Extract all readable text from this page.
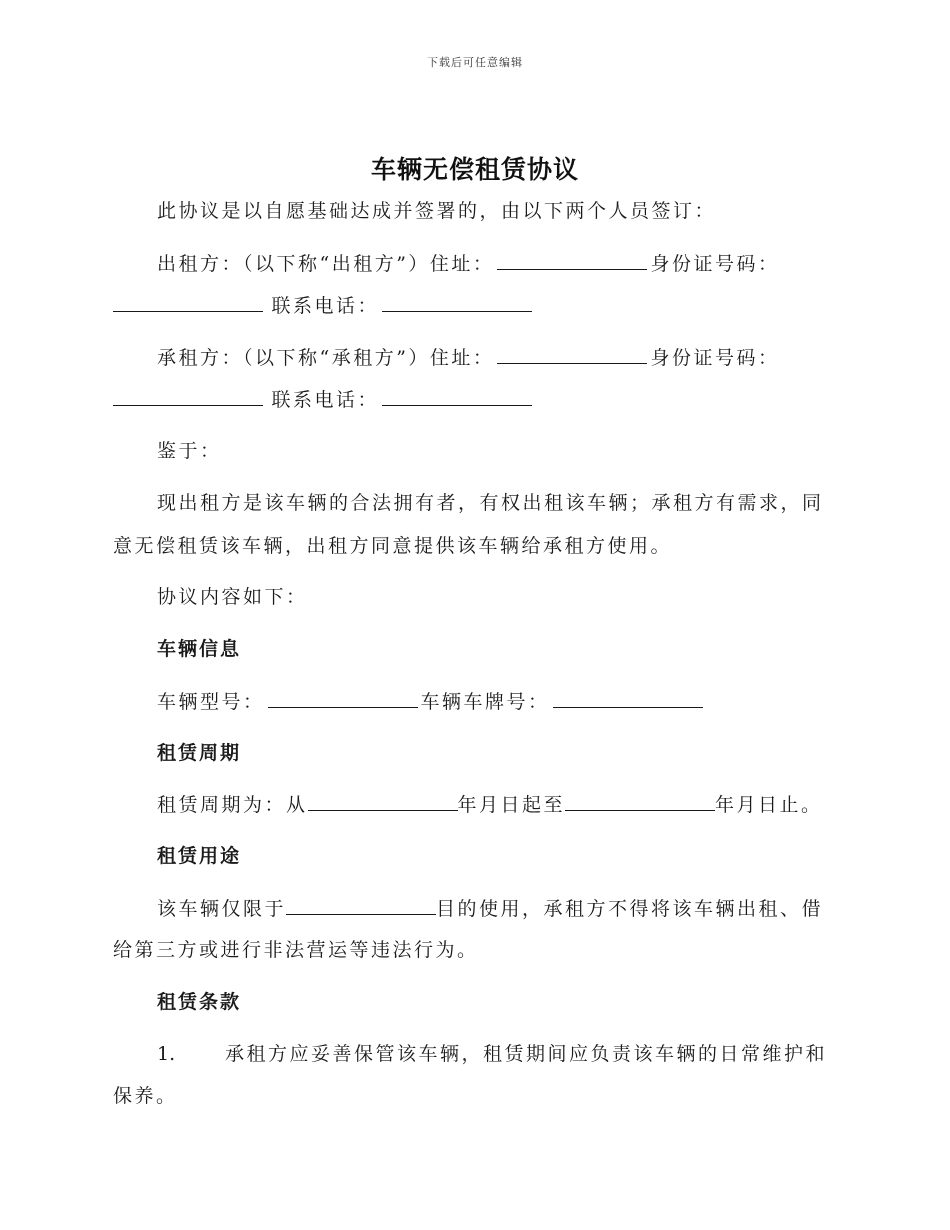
下载后可任意编辑
车辆无偿租赁协议
此协议是以自愿基础达成并签署的，由以下两个人员签订：
出租方：（以下称“出租方”）住址：	身份证号码：
联系电话：
承租方：（以下称“承租方”）住址：	身份证号码：
联系电话：
鉴于：
现出租方是该车辆的合法拥有者，有权出租该车辆；承租方有需求，同
意无偿租赁该车辆，出租方同意提供该车辆给承租方使用。
协议内容如下：
车辆信息
车辆型号：	车辆车牌号：
租赁周期
租赁周期为：从	年月日起至	年月日止。
租赁用途
该车辆仅限于	目的使用，承租方不得将该车辆出租、借
给第三方或进行非法营运等违法行为。
租赁条款
1.	承租方应妥善保管该车辆，租赁期间应负责该车辆的日常维护和
保养。
